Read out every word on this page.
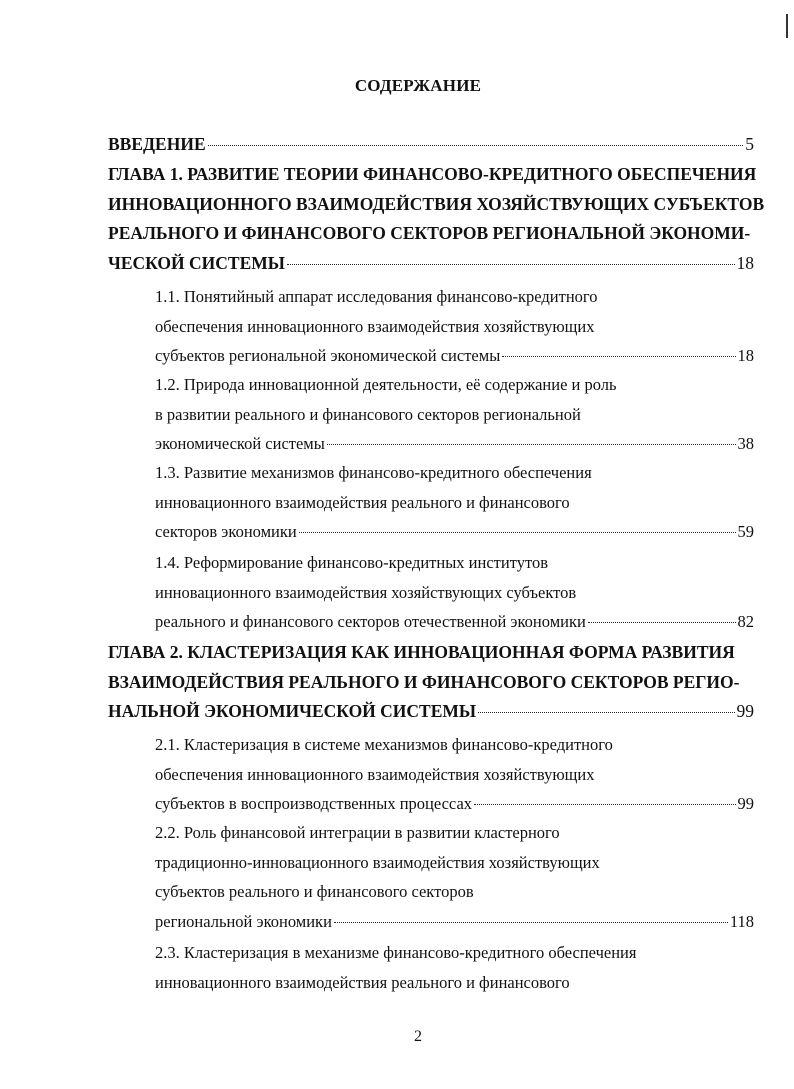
СОДЕРЖАНИЕ
ВВЕДЕНИЕ	5
ГЛАВА 1. РАЗВИТИЕ ТЕОРИИ ФИНАНСОВО-КРЕДИТНОГО ОБЕСПЕЧЕНИЯ
ИННОВАЦИОННОГО ВЗАИМОДЕЙСТВИЯ ХОЗЯЙСТВУЮЩИХ СУБЪЕКТОВ
РЕАЛЬНОГО И ФИНАНСОВОГО СЕКТОРОВ РЕГИОНАЛЬНОЙ ЭКОНОМИ-
ЧЕСКОЙ СИСТЕМЫ	18
1.1. Понятийный аппарат исследования финансово-кредитного
обеспечения инновационного взаимодействия хозяйствующих
субъектов региональной экономической системы	18
1.2. Природа инновационной деятельности, её содержание и роль
в развитии реального и финансового секторов региональной
экономической системы	38
1.3. Развитие механизмов финансово-кредитного обеспечения
инновационного взаимодействия реального и финансового
секторов экономики	59
1.4. Реформирование финансово-кредитных институтов
инновационного взаимодействия хозяйствующих субъектов
реального и финансового секторов отечественной экономики	82
ГЛАВА 2. КЛАСТЕРИЗАЦИЯ КАК ИННОВАЦИОННАЯ ФОРМА РАЗВИТИЯ
ВЗАИМОДЕЙСТВИЯ РЕАЛЬНОГО И ФИНАНСОВОГО СЕКТОРОВ РЕГИО-
НАЛЬНОЙ ЭКОНОМИЧЕСКОЙ СИСТЕМЫ	99
2.1. Кластеризация в системе механизмов финансово-кредитного
обеспечения инновационного взаимодействия хозяйствующих
субъектов в воспроизводственных процессах	99
2.2. Роль финансовой интеграции в развитии кластерного
традиционно-инновационного взаимодействия хозяйствующих
субъектов реального и финансового секторов
региональной экономики	118
2.3. Кластеризация в механизме финансово-кредитного обеспечения
инновационного взаимодействия реального и финансового
2
